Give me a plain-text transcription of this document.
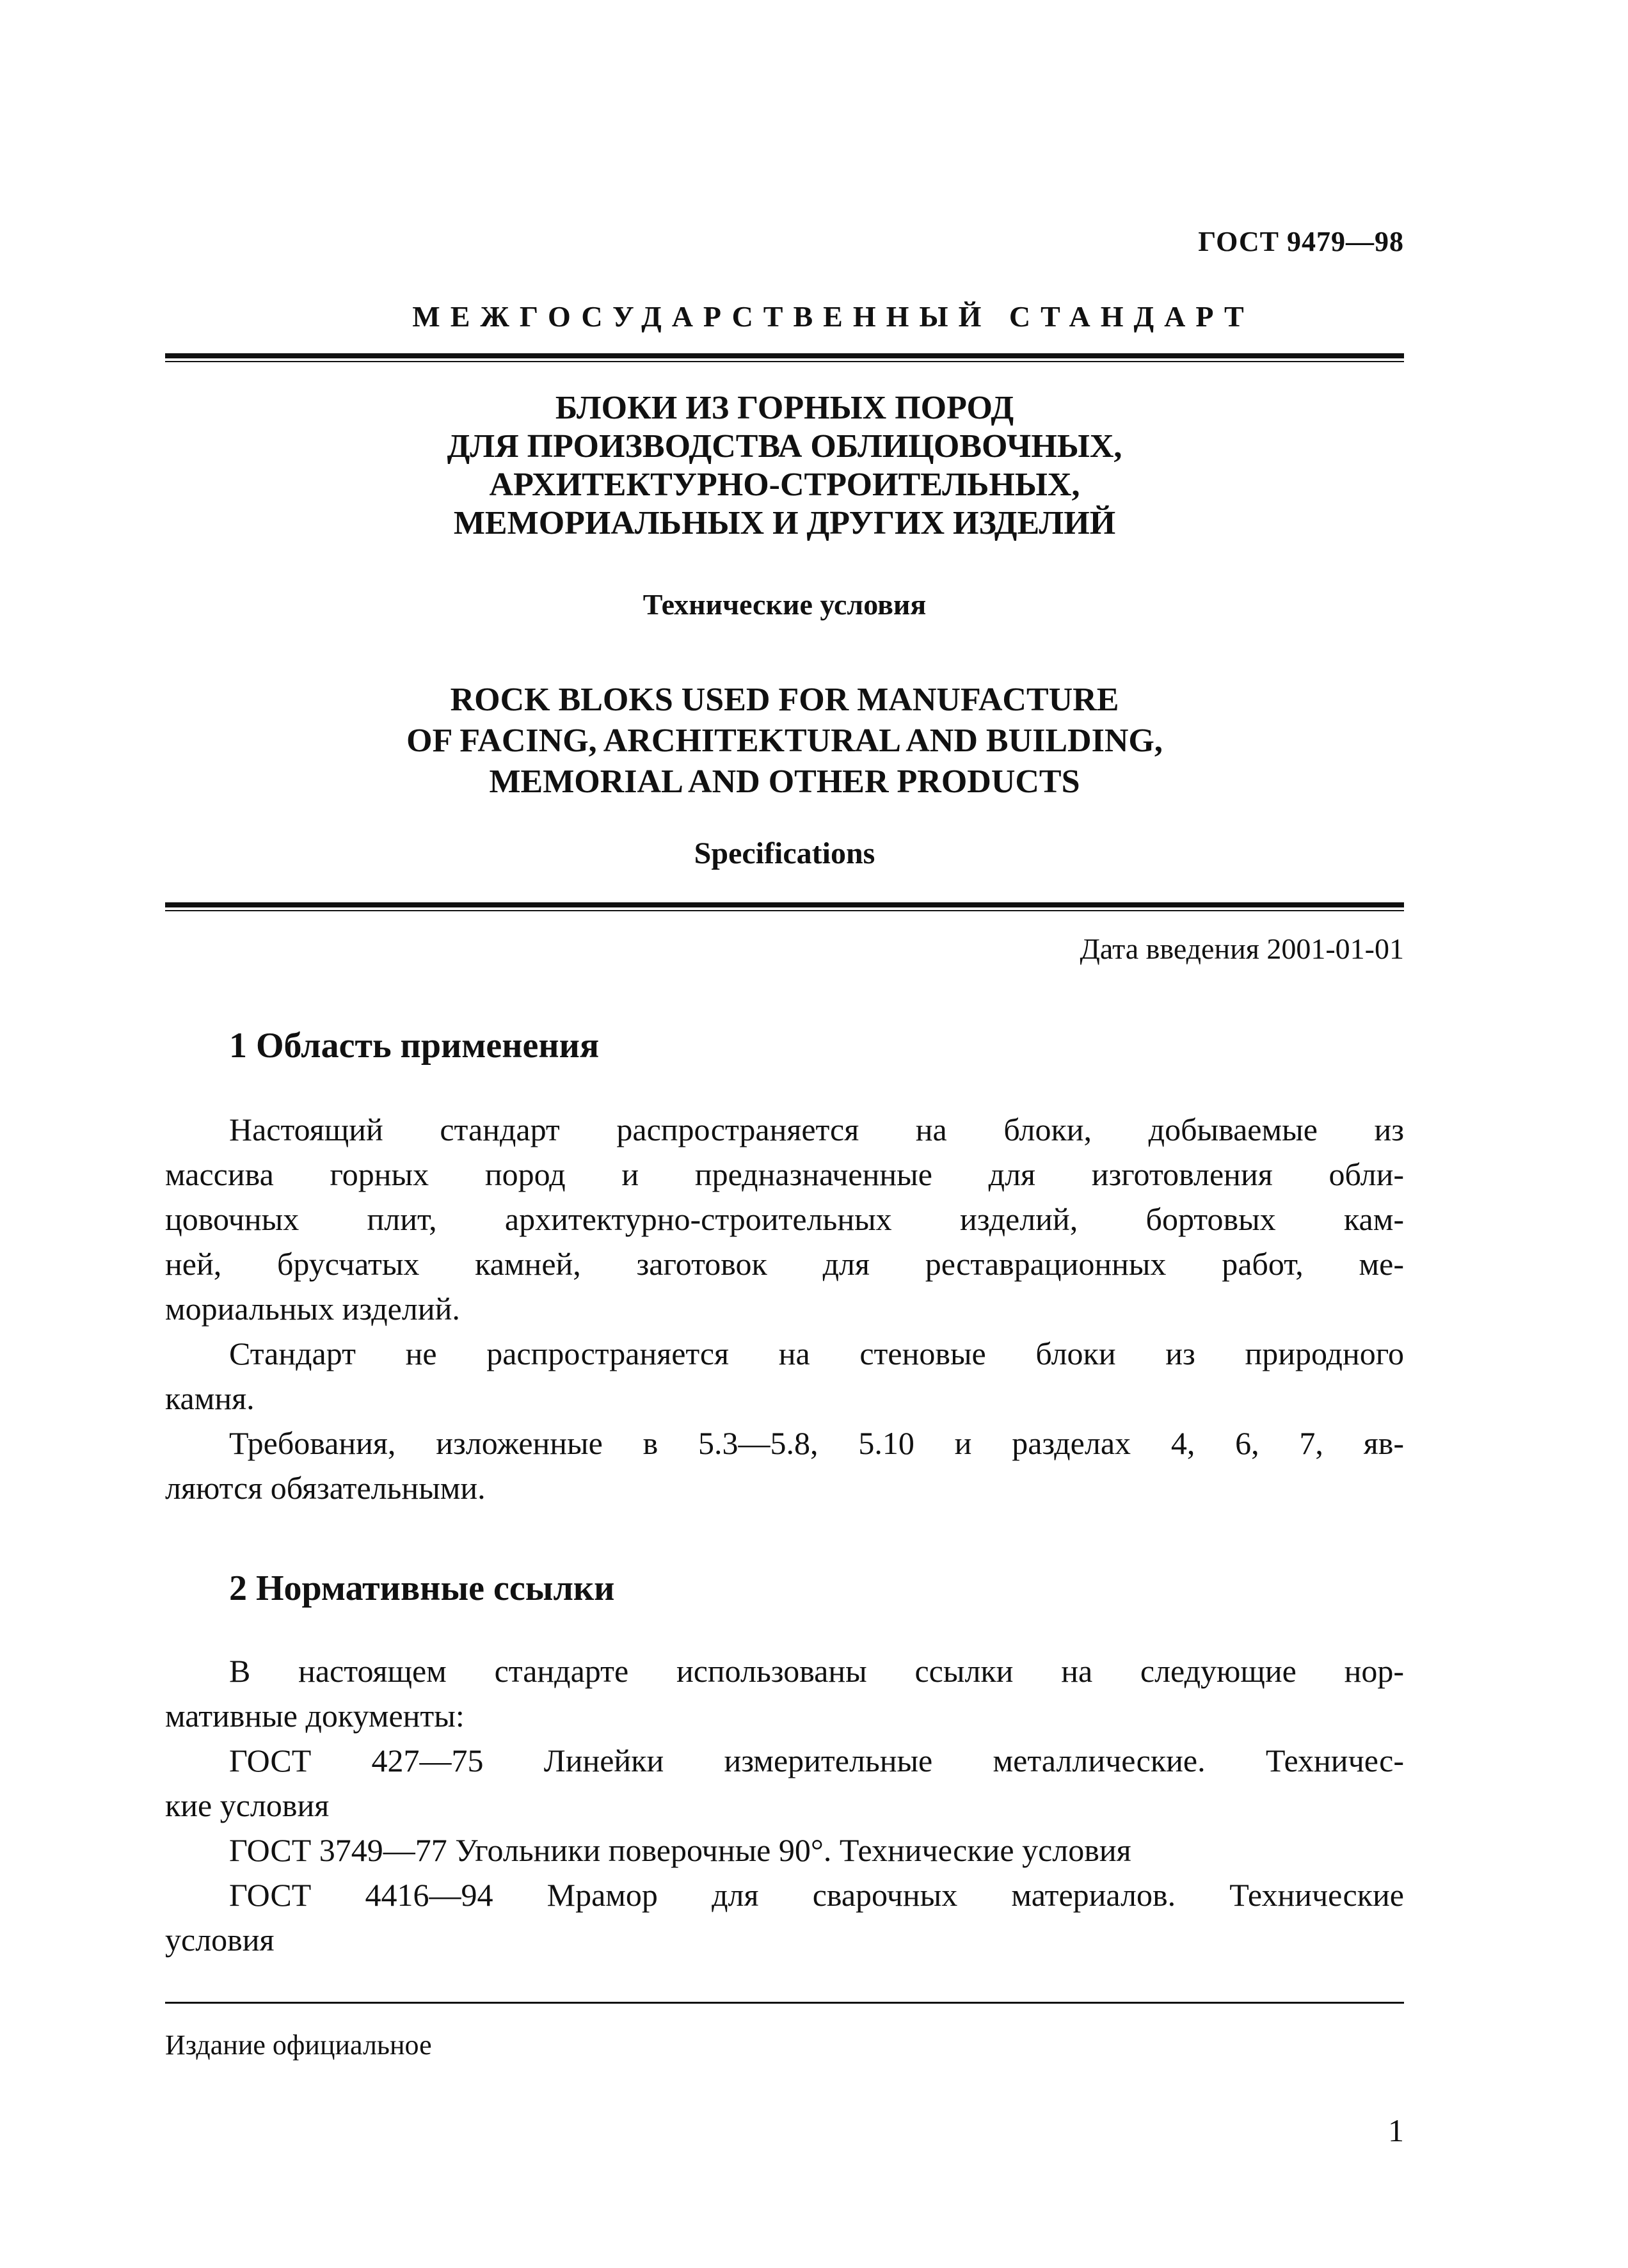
ГОСТ 9479—98
МЕЖГОСУДАРСТВЕННЫЙ СТАНДАРТ
БЛОКИ ИЗ ГОРНЫХ ПОРОД
ДЛЯ ПРОИЗВОДСТВА ОБЛИЦОВОЧНЫХ,
АРХИТЕКТУРНО-СТРОИТЕЛЬНЫХ,
МЕМОРИАЛЬНЫХ И ДРУГИХ ИЗДЕЛИЙ
Технические условия
ROCK BLOKS USED FOR MANUFACTURE
OF FACING, ARCHITEKTURAL AND BUILDING,
MEMORIAL AND OTHER PRODUCTS
Specifications
Дата введения 2001-01-01
1 Область применения
Настоящий стандарт распространяется на блоки, добываемые из
массива горных пород и предназначенные для изготовления обли-
цовочных плит, архитектурно-строительных изделий, бортовых кам-
ней, брусчатых камней, заготовок для реставрационных работ, ме-
мориальных изделий.
Стандарт не распространяется на стеновые блоки из природного
камня.
Требования, изложенные в 5.3—5.8, 5.10 и разделах 4, 6, 7, яв-
ляются обязательными.
2 Нормативные ссылки
В настоящем стандарте использованы ссылки на следующие нор-
мативные документы:
ГОСТ 427—75 Линейки измерительные металлические. Техничес-
кие условия
ГОСТ 3749—77 Угольники поверочные 90°. Технические условия
ГОСТ 4416—94 Мрамор для сварочных материалов. Технические
условия
Издание официальное
1
